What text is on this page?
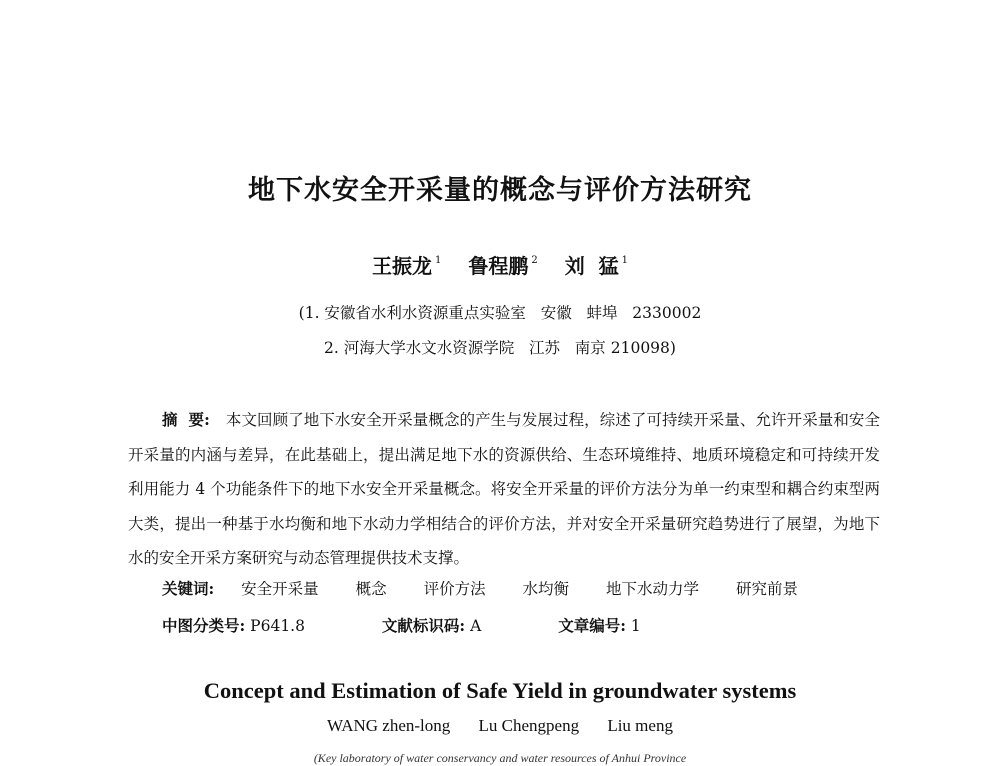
地下水安全开采量的概念与评价方法研究
王振龙 $^1$ 鲁程鹏 $^2$ 刘  猛 $^1$
(1. 安徽省水利水资源重点实验室   安徽   蚌埠   2330002
2. 河海大学水文水资源学院   江苏   南京 210098)
摘  要: 本文回顾了地下水安全开采量概念的产生与发展过程，综述了可持续开采量、允许开采量和安全开采量的内涵与差异，在此基础上，提出满足地下水的资源供给、生态环境维持、地质环境稳定和可持续开发利用能力 4 个功能条件下的地下水安全开采量概念。将安全开采量的评价方法分为单一约束型和耦合约束型两大类，提出一种基于水均衡和地下水动力学相结合的评价方法，并对安全开采量研究趋势进行了展望，为地下水的安全开采方案研究与动态管理提供技术支撑。
关键词: 安全开采量 概念 评价方法 水均衡 地下水动力学 研究前景
中图分类号: P641.8	文献标识码: A	文章编号: 1
Concept and Estimation of Safe Yield in groundwater systems
WANG zhen-long Lu Chengpeng Liu meng
(Key laboratory of water conservancy and water resources of Anhui Province
